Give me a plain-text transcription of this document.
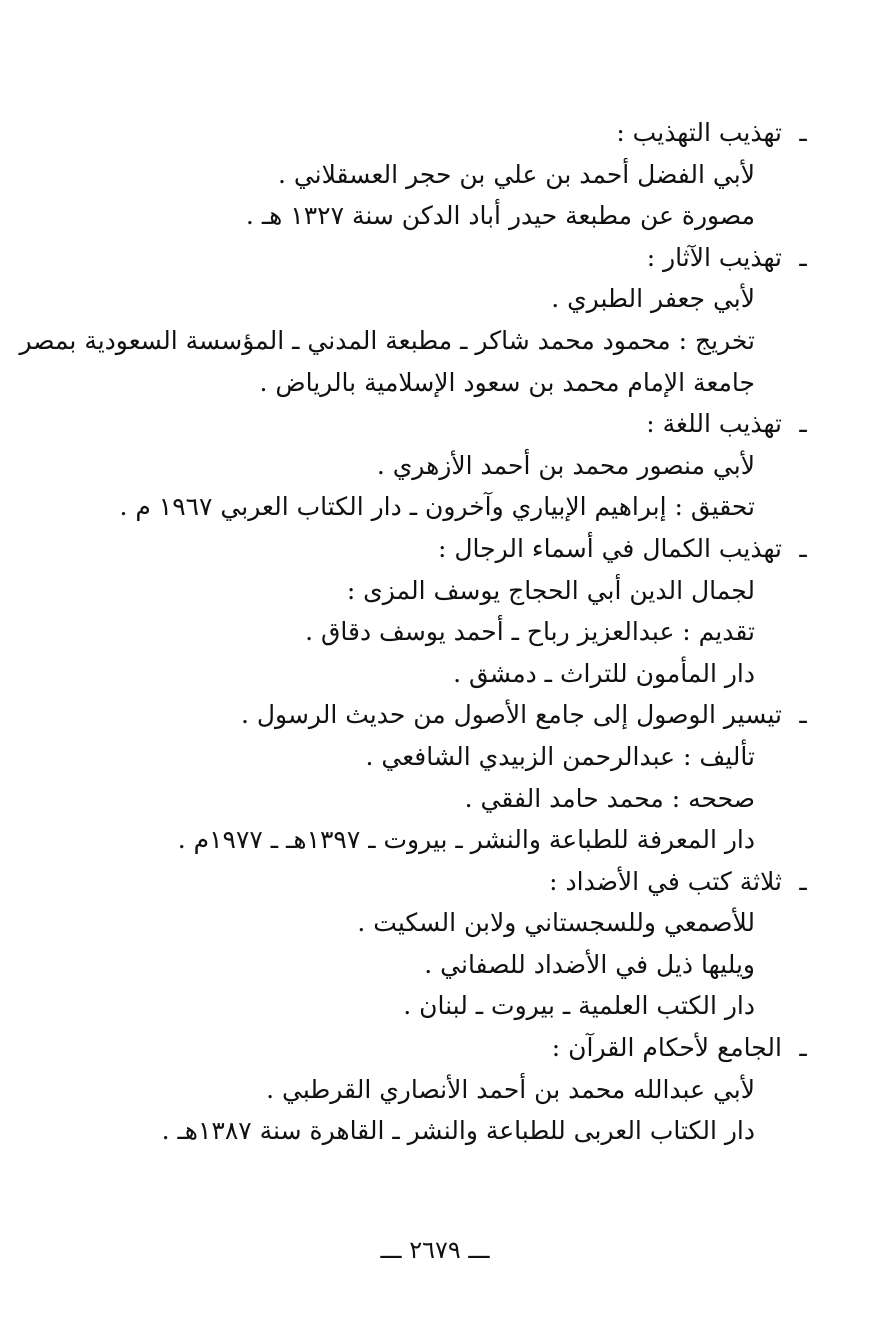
ـ
تهذيب التهذيب :
لأبي الفضل أحمد بن علي بن حجر العسقلاني .
مصورة عن مطبعة حيدر أباد الدكن سنة ١٣٢٧ هـ .
ـ
تهذيب الآثار :
لأبي جعفر الطبري .
تخريج : محمود محمد شاكر ـ مطبعة المدني ـ المؤسسة السعودية بمصر
جامعة الإمام محمد بن سعود الإسلامية بالرياض .
ـ
تهذيب اللغة :
لأبي منصور محمد بن أحمد الأزهري .
تحقيق : إبراهيم الإبياري وآخرون ـ دار الكتاب العربي ١٩٦٧ م .
ـ
تهذيب الكمال في أسماء الرجال :
لجمال الدين أبي الحجاج يوسف المزى :
تقديم : عبدالعزيز رباح ـ أحمد يوسف دقاق .
دار المأمون للتراث ـ دمشق .
ـ
تيسير الوصول إلى جامع الأصول من حديث الرسول .
تأليف : عبدالرحمن الزبيدي الشافعي .
صححه : محمد حامد الفقي .
دار المعرفة للطباعة والنشر ـ بيروت ـ ١٣٩٧هـ ـ ١٩٧٧م .
ـ
ثلاثة كتب في الأضداد :
للأصمعي وللسجستاني ولابن السكيت .
ويليها ذيل في الأضداد للصفاني .
دار الكتب العلمية ـ بيروت ـ لبنان .
ـ
الجامع لأحكام القرآن :
لأبي عبدالله محمد بن أحمد الأنصاري القرطبي .
دار الكتاب العربى للطباعة والنشر ـ القاهرة سنة ١٣٨٧هـ .
ـــ ٢٦٧٩ ـــ
